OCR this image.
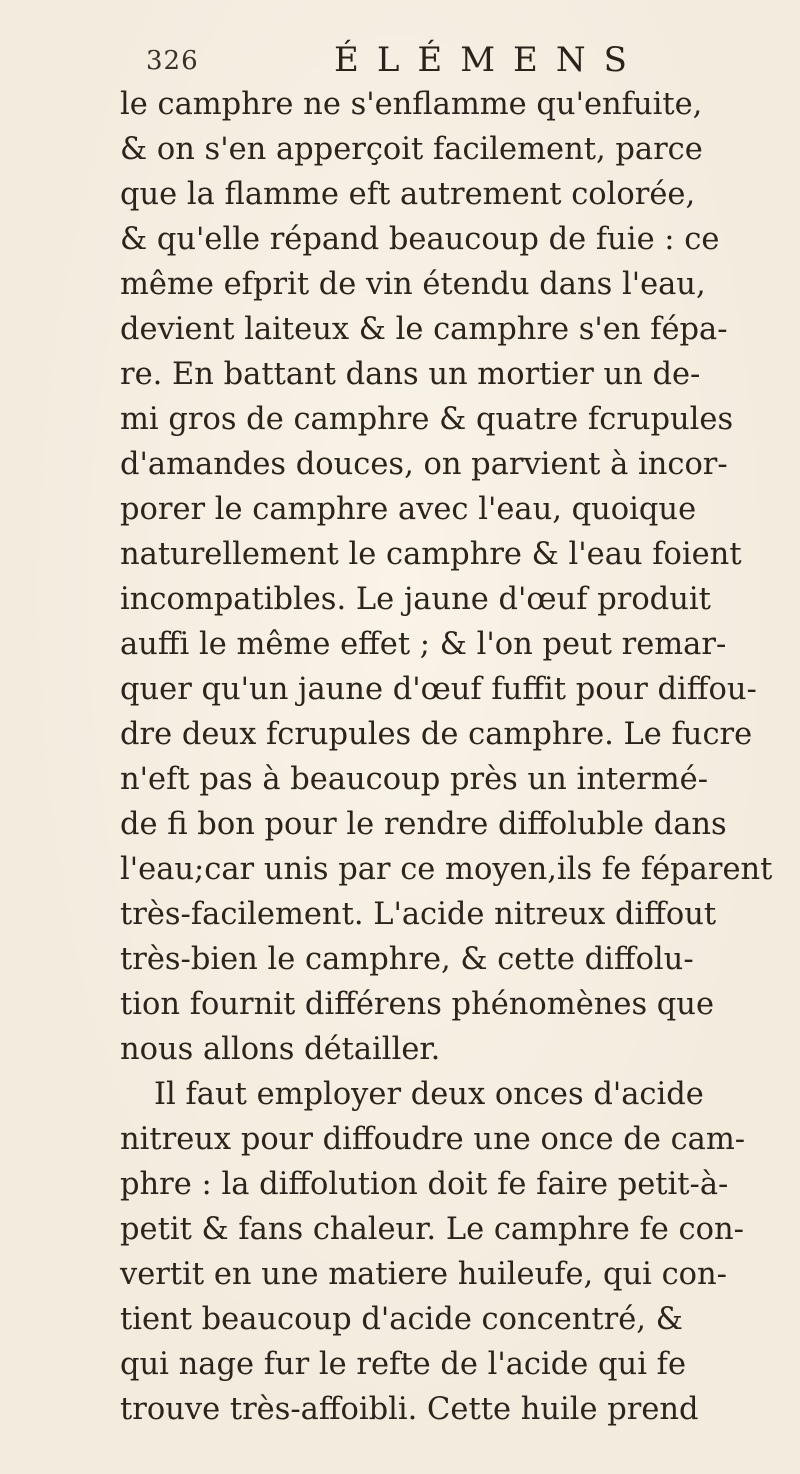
326	ÉLÉMENS
le camphre ne s'enflamme qu'enfuite,
& on s'en apperçoit facilement, parce
que la flamme eft autrement colorée,
& qu'elle répand beaucoup de fuie : ce
même efprit de vin étendu dans l'eau,
devient laiteux & le camphre s'en fépa-
re. En battant dans un mortier un de-
mi gros de camphre & quatre fcrupules
d'amandes douces, on parvient à incor-
porer le camphre avec l'eau, quoique
naturellement le camphre & l'eau foient
incompatibles. Le jaune d'œuf produit
auffi le même effet ; & l'on peut remar-
quer qu'un jaune d'œuf fuffit pour diffou-
dre deux fcrupules de camphre. Le fucre
n'eft pas à beaucoup près un intermé-
de fi bon pour le rendre diffoluble dans
l'eau;car unis par ce moyen,ils fe féparent
très-facilement. L'acide nitreux diffout
très-bien le camphre, & cette diffolu-
tion fournit différens phénomènes que
nous allons détailler.
Il faut employer deux onces d'acide
nitreux pour diffoudre une once de cam-
phre : la diffolution doit fe faire petit-à-
petit & fans chaleur. Le camphre fe con-
vertit en une matiere huileufe, qui con-
tient beaucoup d'acide concentré, &
qui nage fur le refte de l'acide qui fe
trouve très-affoibli. Cette huile prend
